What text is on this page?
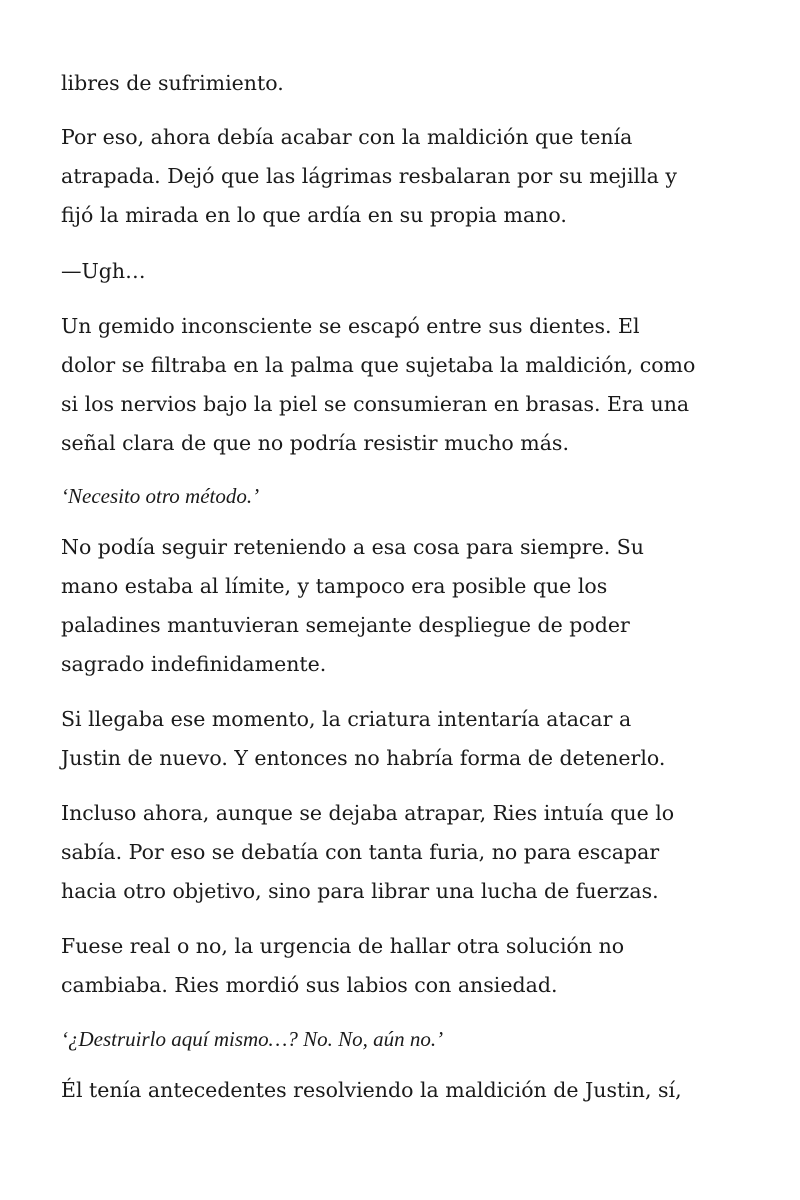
libres de sufrimiento.

Por eso, ahora debía acabar con la maldición que tenía
atrapada. Dejó que las lágrimas resbalaran por su mejilla y
fijó la mirada en lo que ardía en su propia mano.

—Ugh…

Un gemido inconsciente se escapó entre sus dientes. El
dolor se filtraba en la palma que sujetaba la maldición, como
si los nervios bajo la piel se consumieran en brasas. Era una
señal clara de que no podría resistir mucho más.

‘Necesito otro método.’

No podía seguir reteniendo a esa cosa para siempre. Su
mano estaba al límite, y tampoco era posible que los
paladines mantuvieran semejante despliegue de poder
sagrado indefinidamente.

Si llegaba ese momento, la criatura intentaría atacar a
Justin de nuevo. Y entonces no habría forma de detenerlo.

Incluso ahora, aunque se dejaba atrapar, Ries intuía que lo
sabía. Por eso se debatía con tanta furia, no para escapar
hacia otro objetivo, sino para librar una lucha de fuerzas.

Fuese real o no, la urgencia de hallar otra solución no
cambiaba. Ries mordió sus labios con ansiedad.

‘¿Destruirlo aquí mismo…? No. No, aún no.’

Él tenía antecedentes resolviendo la maldición de Justin, sí,
